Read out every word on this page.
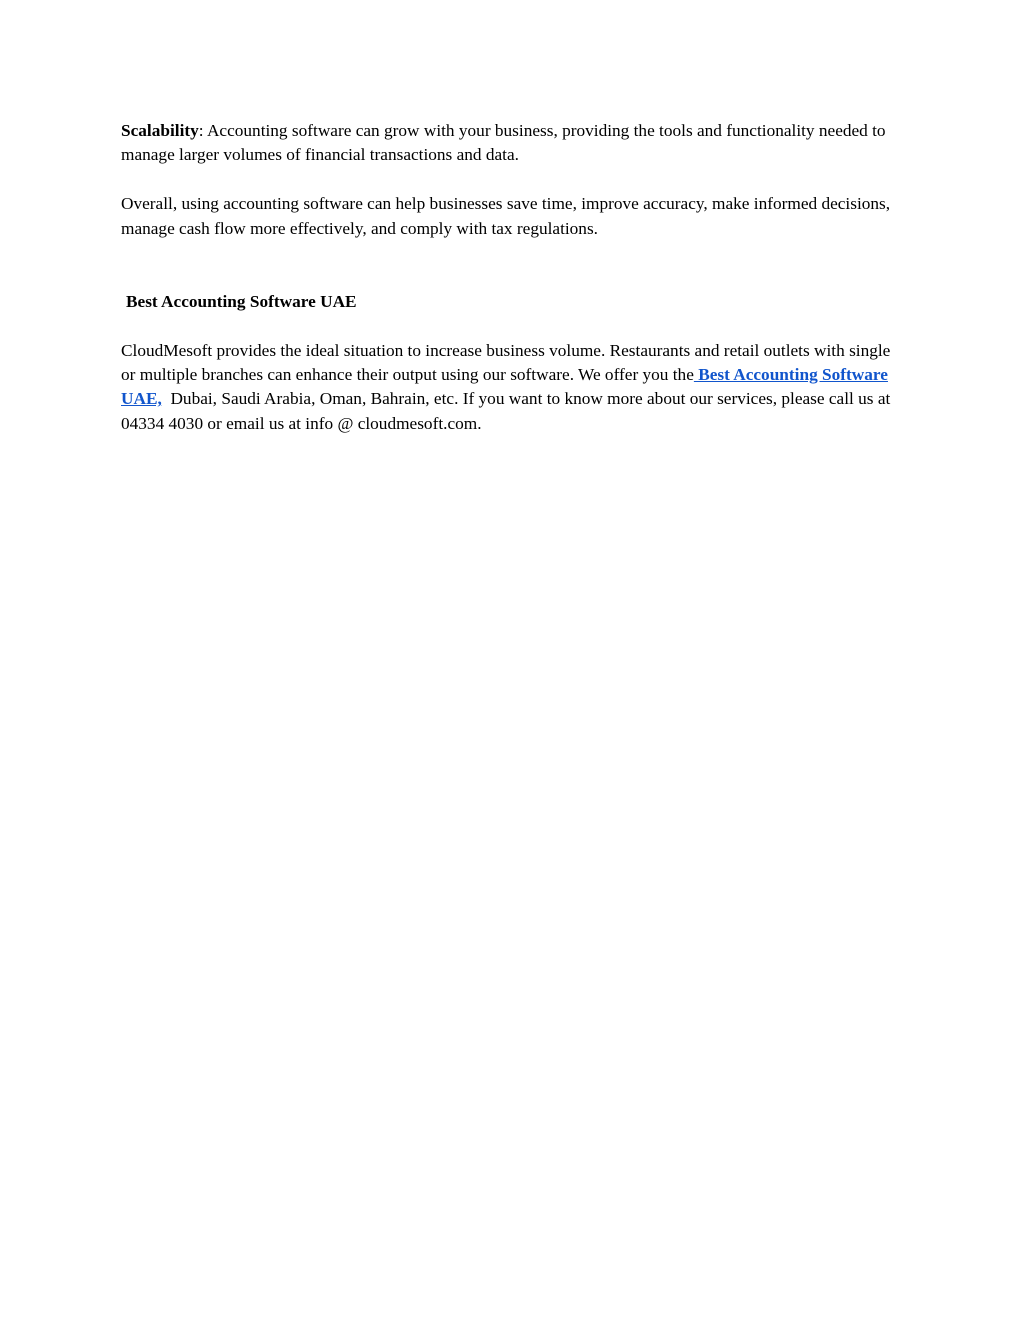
Scalability: Accounting software can grow with your business, providing the tools and functionality needed to manage larger volumes of financial transactions and data.

Overall, using accounting software can help businesses save time, improve accuracy, make informed decisions, manage cash flow more effectively, and comply with tax regulations.

Best Accounting Software UAE

CloudMesoft provides the ideal situation to increase business volume. Restaurants and retail outlets with single or multiple branches can enhance their output using our software. We offer you the Best Accounting Software UAE,  Dubai, Saudi Arabia, Oman, Bahrain, etc. If you want to know more about our services, please call us at 04334 4030 or email us at info @ cloudmesoft.com.
